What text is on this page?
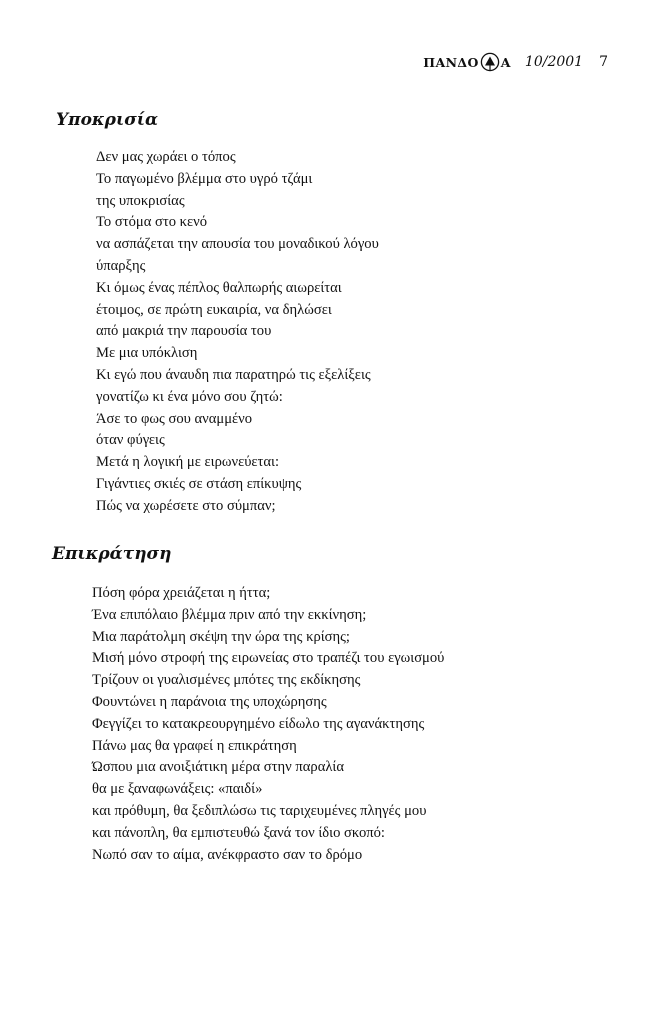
ΠΑΝΔΟ Α 10/2001 7
Υποκρισία
Δεν μας χωράει ο τόπος
Το παγωμένο βλέμμα στο υγρό τζάμι
της υποκρισίας
Το στόμα στο κενό
να ασπάζεται την απουσία του μοναδικού λόγου
ύπαρξης
Κι όμως ένας πέπλος θαλπωρής αιωρείται
έτοιμος, σε πρώτη ευκαιρία, να δηλώσει
από μακριά την παρουσία του
Με μια υπόκλιση
Κι εγώ που άναυδη πια παρατηρώ τις εξελίξεις
γονατίζω κι ένα μόνο σου ζητώ:
Άσε το φως σου αναμμένο
όταν φύγεις
Μετά η λογική με ειρωνεύεται:
Γιγάντιες σκιές σε στάση επίκυψης
Πώς να χωρέσετε στο σύμπαν;
Επικράτηση
Πόση φόρα χρειάζεται η ήττα;
Ένα επιπόλαιο βλέμμα πριν από την εκκίνηση;
Μια παράτολμη σκέψη την ώρα της κρίσης;
Μισή μόνο στροφή της ειρωνείας στο τραπέζι του εγωισμού
Τρίζουν οι γυαλισμένες μπότες της εκδίκησης
Φουντώνει η παράνοια της υποχώρησης
Φεγγίζει το κατακρεουργημένο είδωλο της αγανάκτησης
Πάνω μας θα γραφεί η επικράτηση
Ώσπου μια ανοιξιάτικη μέρα στην παραλία
θα με ξαναφωνάξεις: «παιδί»
και πρόθυμη, θα ξεδιπλώσω τις ταριχευμένες πληγές μου
και πάνοπλη, θα εμπιστευθώ ξανά τον ίδιο σκοπό:
Νωπό σαν το αίμα, ανέκφραστο σαν το δρόμο
